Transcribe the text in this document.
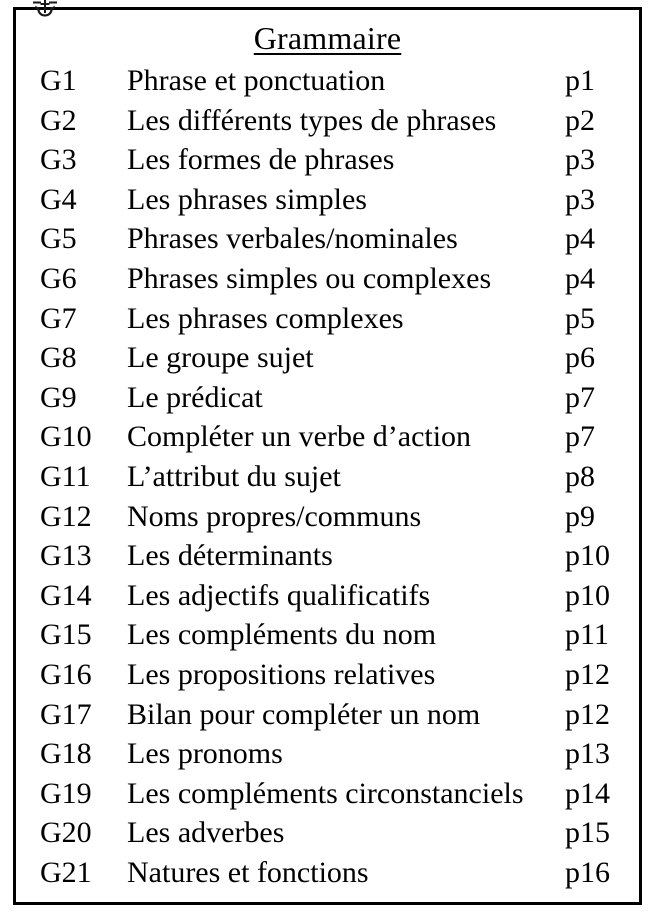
Grammaire
G1 Phrase et ponctuation	p1
G2 Les différents types de phrases p2
G3 Les formes de phrases	p3
G4 Les phrases simples	p3
G5 Phrases verbales/nominales	p4
G6 Phrases simples ou complexes p4
G7 Les phrases complexes	p5
G8 Le groupe sujet	p6
G9 Le prédicat	p7
G10 Compléter un verbe d’action	p7
G11 L’attribut du sujet	p8
G12 Noms propres/communs	p9
G13 Les déterminants	p10
G14 Les adjectifs qualificatifs	p10
G15 Les compléments du nom	p11
G16 Les propositions relatives	p12
G17 Bilan pour compléter un nom	p12
G18 Les pronoms	p13
G19 Les compléments circonstanciels p14
G20 Les adverbes	p15
G21 Natures et fonctions	p16
